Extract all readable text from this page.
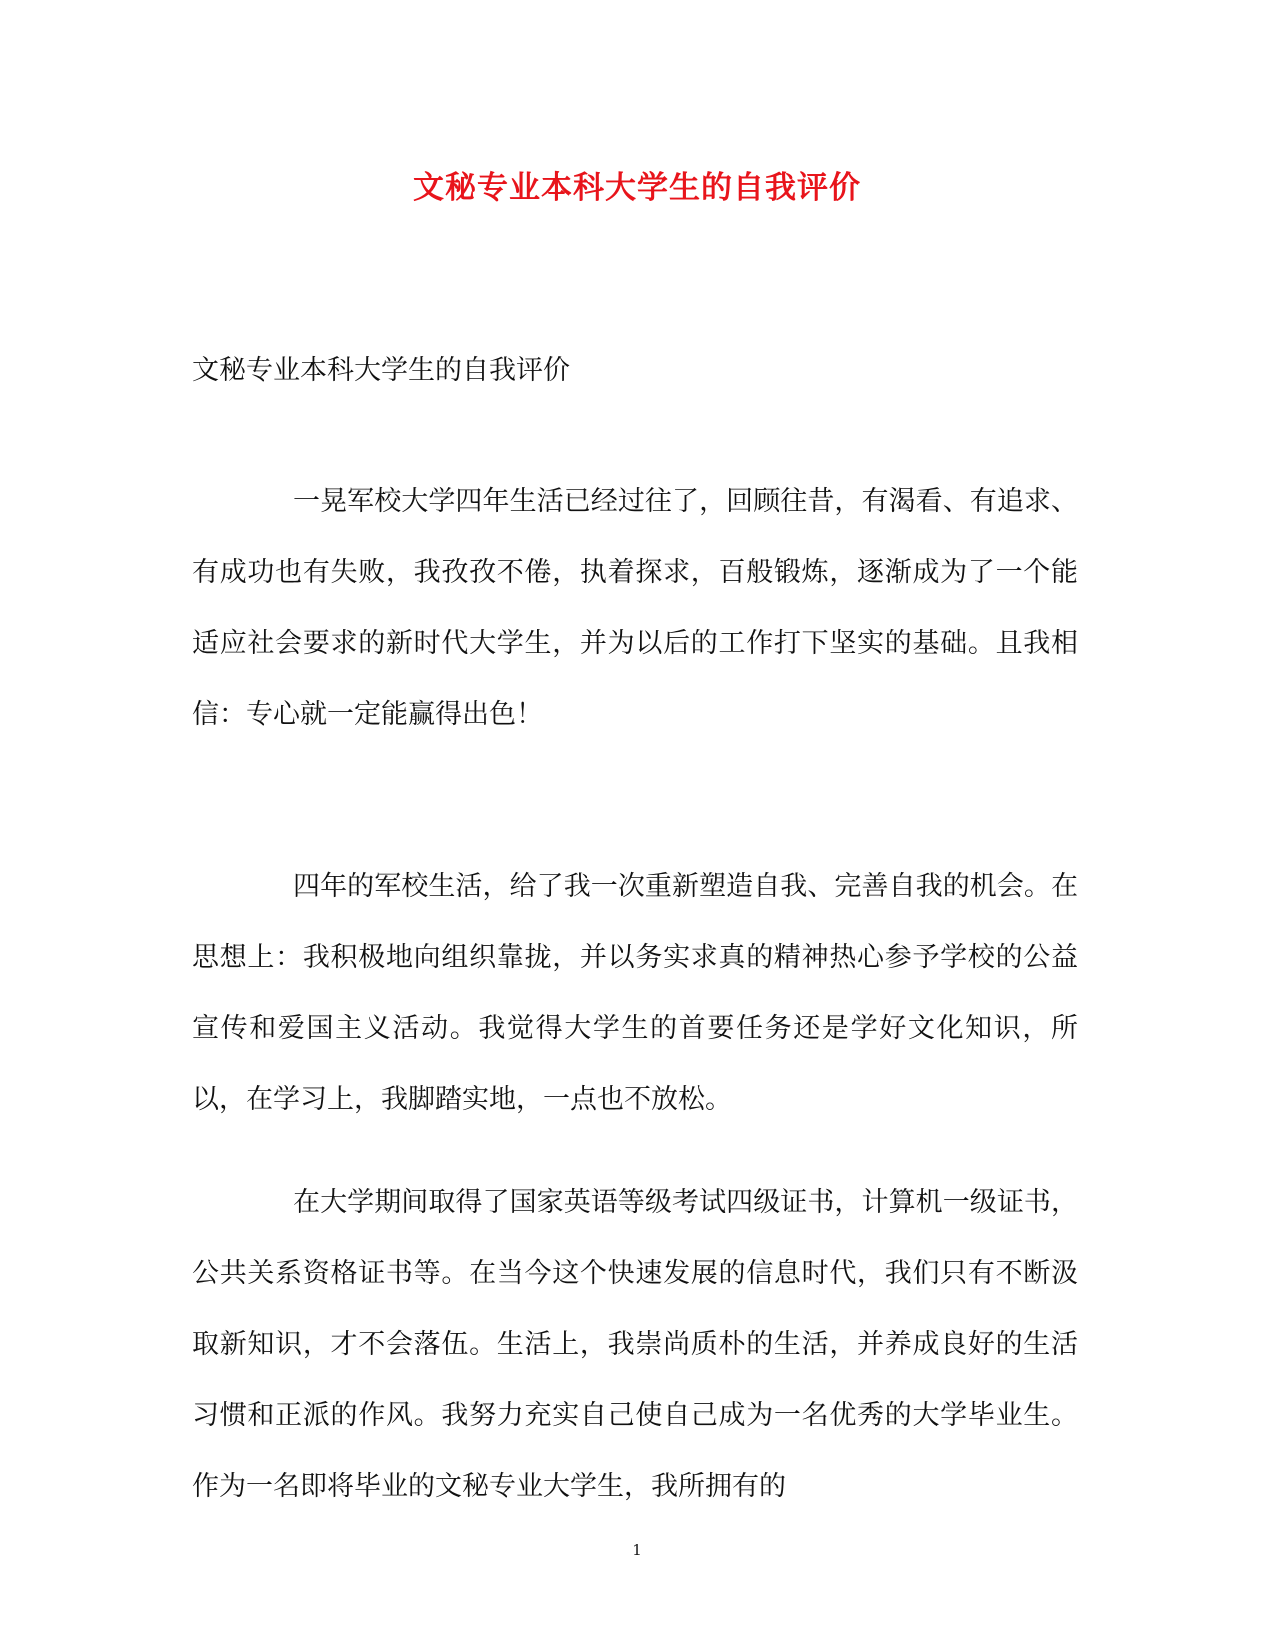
文秘专业本科大学生的自我评价

文秘专业本科大学生的自我评价

一晃军校大学四年生活已经过往了，回顾往昔，有渴看、有追求、有成功也有失败，我孜孜不倦，执着探求，百般锻炼，逐渐成为了一个能适应社会要求的新时代大学生，并为以后的工作打下坚实的基础。且我相信：专心就一定能赢得出色！

四年的军校生活，给了我一次重新塑造自我、完善自我的机会。在思想上：我积极地向组织靠拢，并以务实求真的精神热心参予学校的公益宣传和爱国主义活动。我觉得大学生的首要任务还是学好文化知识，所以，在学习上，我脚踏实地，一点也不放松。

在大学期间取得了国家英语等级考试四级证书，计算机一级证书，公共关系资格证书等。在当今这个快速发展的信息时代，我们只有不断汲取新知识，才不会落伍。生活上，我崇尚质朴的生活，并养成良好的生活习惯和正派的作风。我努力充实自己使自己成为一名优秀的大学毕业生。作为一名即将毕业的文秘专业大学生，我所拥有的

1
